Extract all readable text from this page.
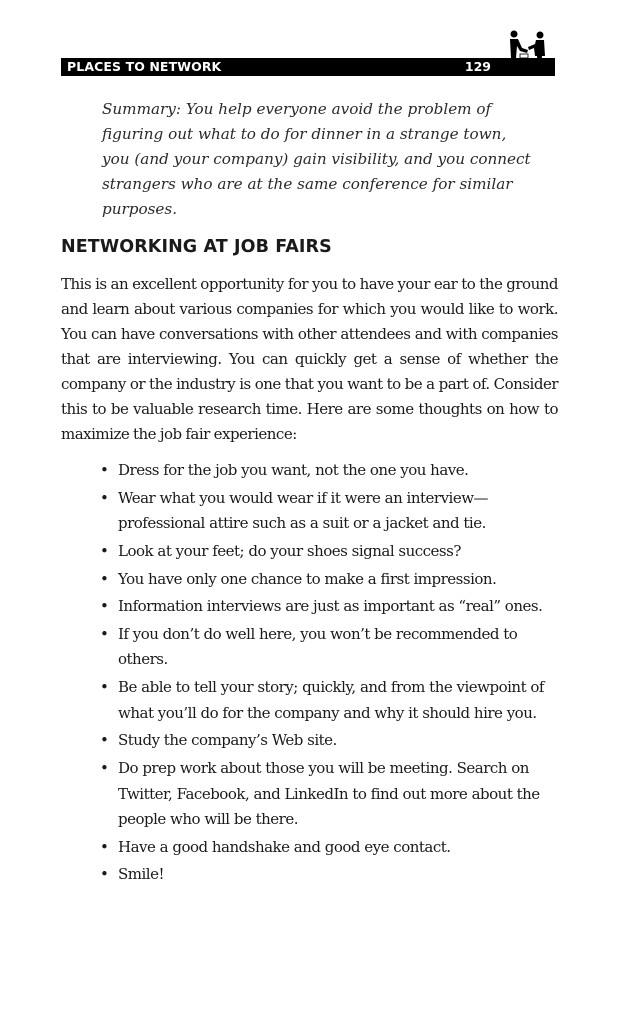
PLACES TO NETWORK	129

Summary: You help everyone avoid the problem of figuring out what to do for dinner in a strange town, you (and your company) gain visibility, and you connect strangers who are at the same conference for similar purposes.

NETWORKING AT JOB FAIRS

This is an excellent opportunity for you to have your ear to the ground and learn about various companies for which you would like to work. You can have conversations with other attendees and with companies that are interviewing. You can quickly get a sense of whether the company or the industry is one that you want to be a part of. Consider this to be valuable research time. Here are some thoughts on how to maximize the job fair experience:

• Dress for the job you want, not the one you have.
• Wear what you would wear if it were an interview—professional attire such as a suit or a jacket and tie.
• Look at your feet; do your shoes signal success?
• You have only one chance to make a first impression.
• Information interviews are just as important as “real” ones.
• If you don’t do well here, you won’t be recommended to others.
• Be able to tell your story; quickly, and from the viewpoint of what you’ll do for the company and why it should hire you.
• Study the company’s Web site.
• Do prep work about those you will be meeting. Search on Twitter, Facebook, and LinkedIn to find out more about the people who will be there.
• Have a good handshake and good eye contact.
• Smile!
